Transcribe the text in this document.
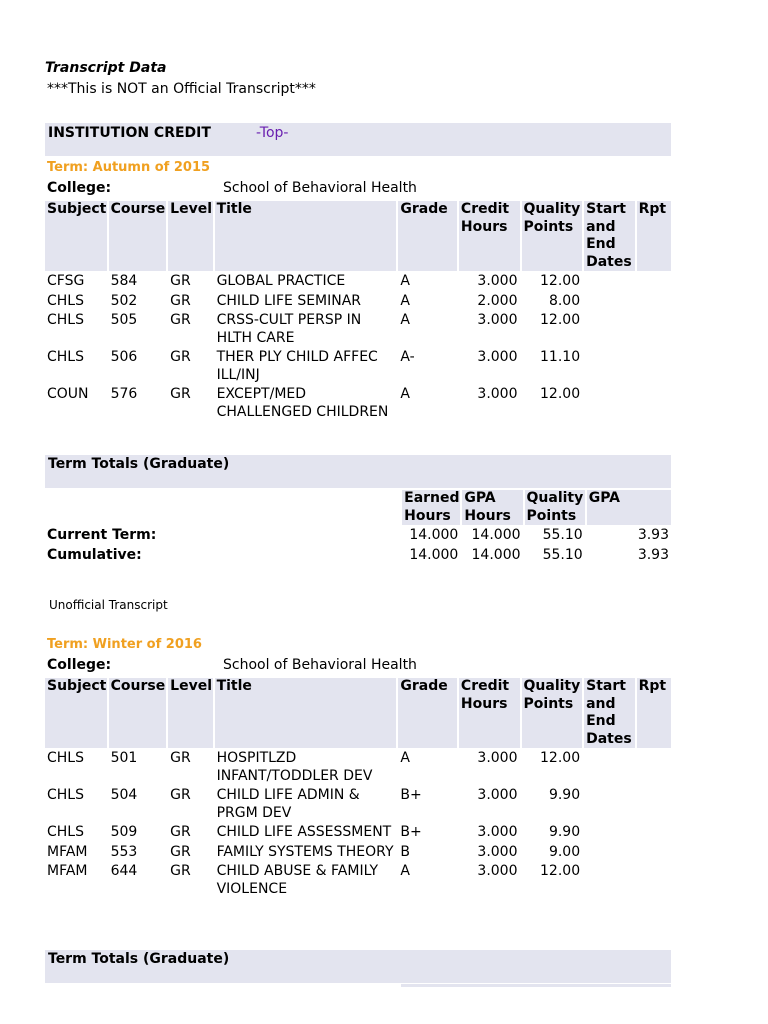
Transcript Data
***This is NOT an Official Transcript***
INSTITUTION CREDIT	-Top-
Term: Autumn of 2015
College:	School of Behavioral Health
Subject	Course	Level	Title	Grade	Credit Hours	Quality Points	Start and End Dates	Rpt
CFSG	584	GR	GLOBAL PRACTICE	A	3.000	12.00		
CHLS	502	GR	CHILD LIFE SEMINAR	A	2.000	8.00		
CHLS	505	GR	CRSS-CULT PERSP IN HLTH CARE	A	3.000	12.00		
CHLS	506	GR	THER PLY CHILD AFFEC ILL/INJ	A-	3.000	11.10		
COUN	576	GR	EXCEPT/MED CHALLENGED CHILDREN	A	3.000	12.00		
Term Totals (Graduate)
	Earned Hours	GPA Hours	Quality Points	GPA
Current Term:	14.000	14.000	55.10	3.93
Cumulative:	14.000	14.000	55.10	3.93
Unofficial Transcript
Term: Winter of 2016
College:	School of Behavioral Health
Subject	Course	Level	Title	Grade	Credit Hours	Quality Points	Start and End Dates	Rpt
CHLS	501	GR	HOSPITLZD INFANT/TODDLER DEV	A	3.000	12.00		
CHLS	504	GR	CHILD LIFE ADMIN & PRGM DEV	B+	3.000	9.90		
CHLS	509	GR	CHILD LIFE ASSESSMENT	B+	3.000	9.90		
MFAM	553	GR	FAMILY SYSTEMS THEORY	B	3.000	9.00		
MFAM	644	GR	CHILD ABUSE & FAMILY VIOLENCE	A	3.000	12.00		
Term Totals (Graduate)
